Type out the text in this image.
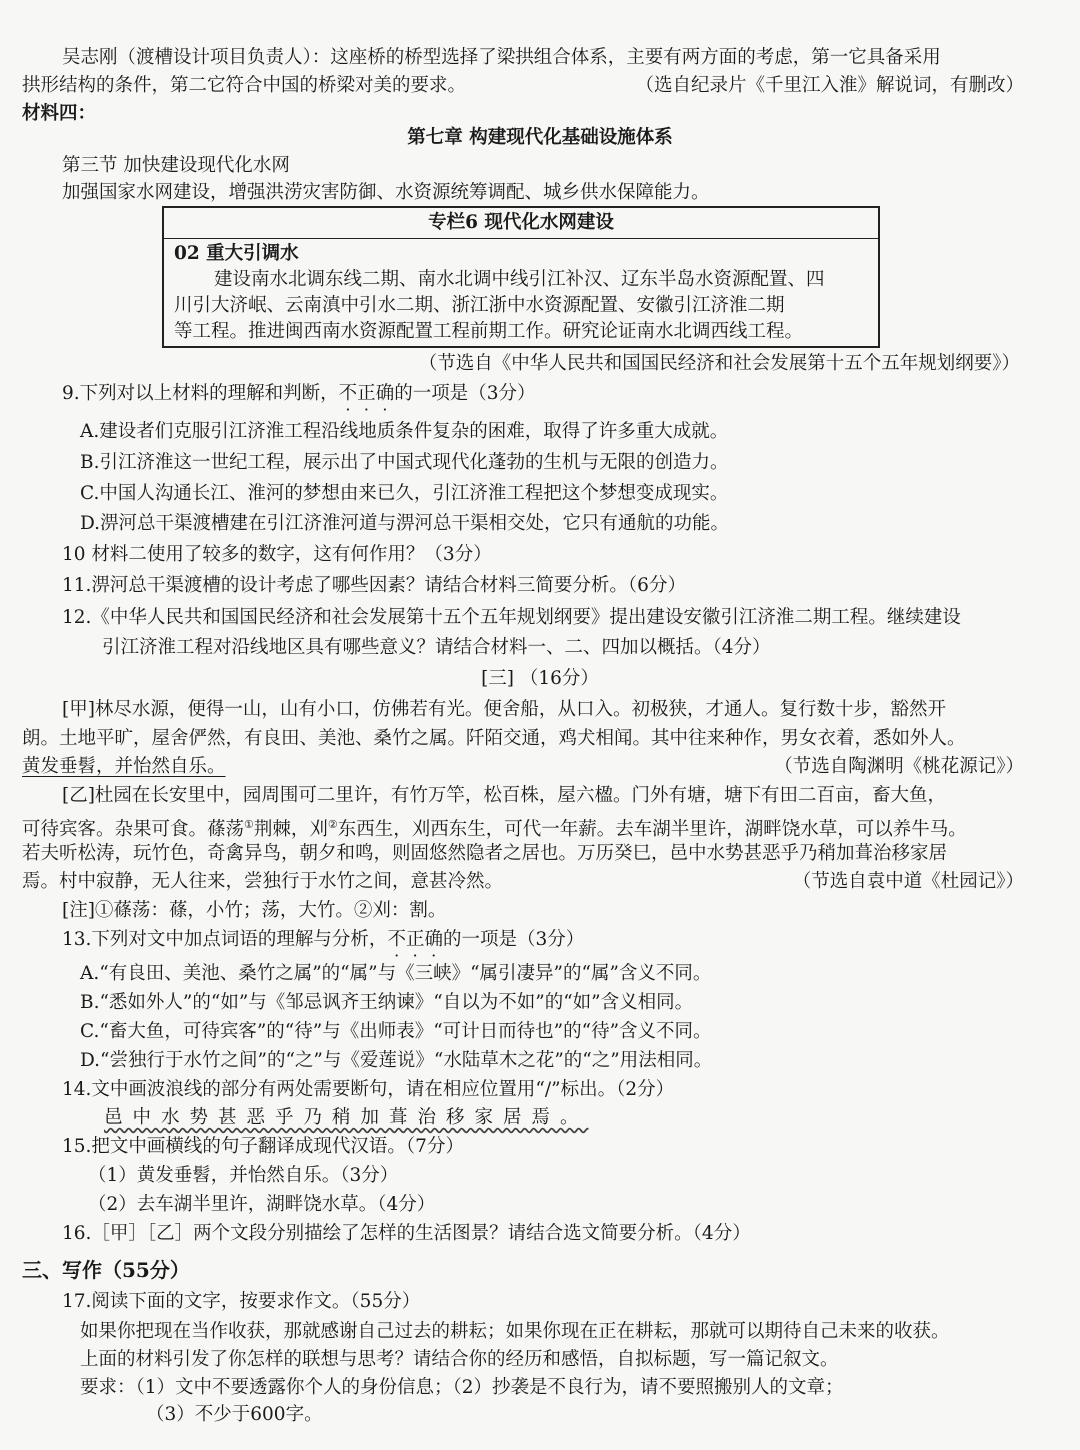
吴志刚（渡槽设计项目负责人）：这座桥的桥型选择了梁拱组合体系，主要有两方面的考虑，第一它具备采用
拱形结构的条件，第二它符合中国的桥梁对美的要求。	（选自纪录片《千里江入淮》解说词，有删改）
材料四：
第七章 构建现代化基础设施体系
第三节 加快建设现代化水网
加强国家水网建设，增强洪涝灾害防御、水资源统筹调配、城乡供水保障能力。
专栏6 现代化水网建设
02 重大引调水
建设南水北调东线二期、南水北调中线引江补汉、辽东半岛水资源配置、四
川引大济岷、云南滇中引水二期、浙江浙中水资源配置、安徽引江济淮二期
等工程。推进闽西南水资源配置工程前期工作。研究论证南水北调西线工程。
（节选自《中华人民共和国国民经济和社会发展第十五个五年规划纲要》）
9.下列对以上材料的理解和判断，不正确的一项是（3分）
A.建设者们克服引江济淮工程沿线地质条件复杂的困难，取得了许多重大成就。
B.引江济淮这一世纪工程，展示出了中国式现代化蓬勃的生机与无限的创造力。
C.中国人沟通长江、淮河的梦想由来已久，引江济淮工程把这个梦想变成现实。
D.淠河总干渠渡槽建在引江济淮河道与淠河总干渠相交处，它只有通航的功能。
10 材料二使用了较多的数字，这有何作用？（3分）
11.淠河总干渠渡槽的设计考虑了哪些因素？请结合材料三简要分析。（6分）
12.《中华人民共和国国民经济和社会发展第十五个五年规划纲要》提出建设安徽引江济淮二期工程。继续建设
引江济淮工程对沿线地区具有哪些意义？请结合材料一、二、四加以概括。（4分）
[三] （16分）
[甲]林尽水源，便得一山，山有小口，仿佛若有光。便舍船，从口入。初极狭，才通人。复行数十步，豁然开
朗。土地平旷，屋舍俨然，有良田、美池、桑竹之属。阡陌交通，鸡犬相闻。其中往来种作，男女衣着，悉如外人。
黄发垂髫，并怡然自乐。	（节选自陶渊明《桃花源记》）
[乙]杜园在长安里中，园周围可二里许，有竹万竿，松百株，屋六楹。门外有塘，塘下有田二百亩，畜大鱼，
可待宾客。杂果可食。蓧荡①荆棘，刈②东西生，刈西东生，可代一年薪。去车湖半里许，湖畔饶水草，可以养牛马。
若夫听松涛，玩竹色，奇禽异鸟，朝夕和鸣，则固悠然隐者之居也。万历癸巳，邑中水势甚恶乎乃稍加葺治移家居
焉。村中寂静，无人往来，尝独行于水竹之间，意甚冷然。	（节选自袁中道《杜园记》）
[注]①蓧荡：蓧，小竹；荡，大竹。②刈：割。
13.下列对文中加点词语的理解与分析，不正确的一项是（3分）
A.“有良田、美池、桑竹之属”的“属”与《三峡》“属引凄异”的“属”含义不同。
B.“悉如外人”的“如”与《邹忌讽齐王纳谏》“自以为不如”的“如”含义相同。
C.“畜大鱼，可待宾客”的“待”与《出师表》“可计日而待也”的“待”含义不同。
D.“尝独行于水竹之间”的“之”与《爱莲说》“水陆草木之花”的“之”用法相同。
14.文中画波浪线的部分有两处需要断句，请在相应位置用“/”标出。（2分）
邑中水势甚恶乎乃稍加葺治移家居焉。
15.把文中画横线的句子翻译成现代汉语。（7分）
（1）黄发垂髫，并怡然自乐。（3分）
（2）去车湖半里许，湖畔饶水草。（4分）
16.［甲］［乙］两个文段分别描绘了怎样的生活图景？请结合选文简要分析。（4分）
三、写作（55分）
17.阅读下面的文字，按要求作文。（55分）
如果你把现在当作收获，那就感谢自己过去的耕耘；如果你现在正在耕耘，那就可以期待自己未来的收获。
上面的材料引发了你怎样的联想与思考？请结合你的经历和感悟，自拟标题，写一篇记叙文。
要求：（1）文中不要透露你个人的身份信息；（2）抄袭是不良行为，请不要照搬别人的文章；
（3）不少于600字。
